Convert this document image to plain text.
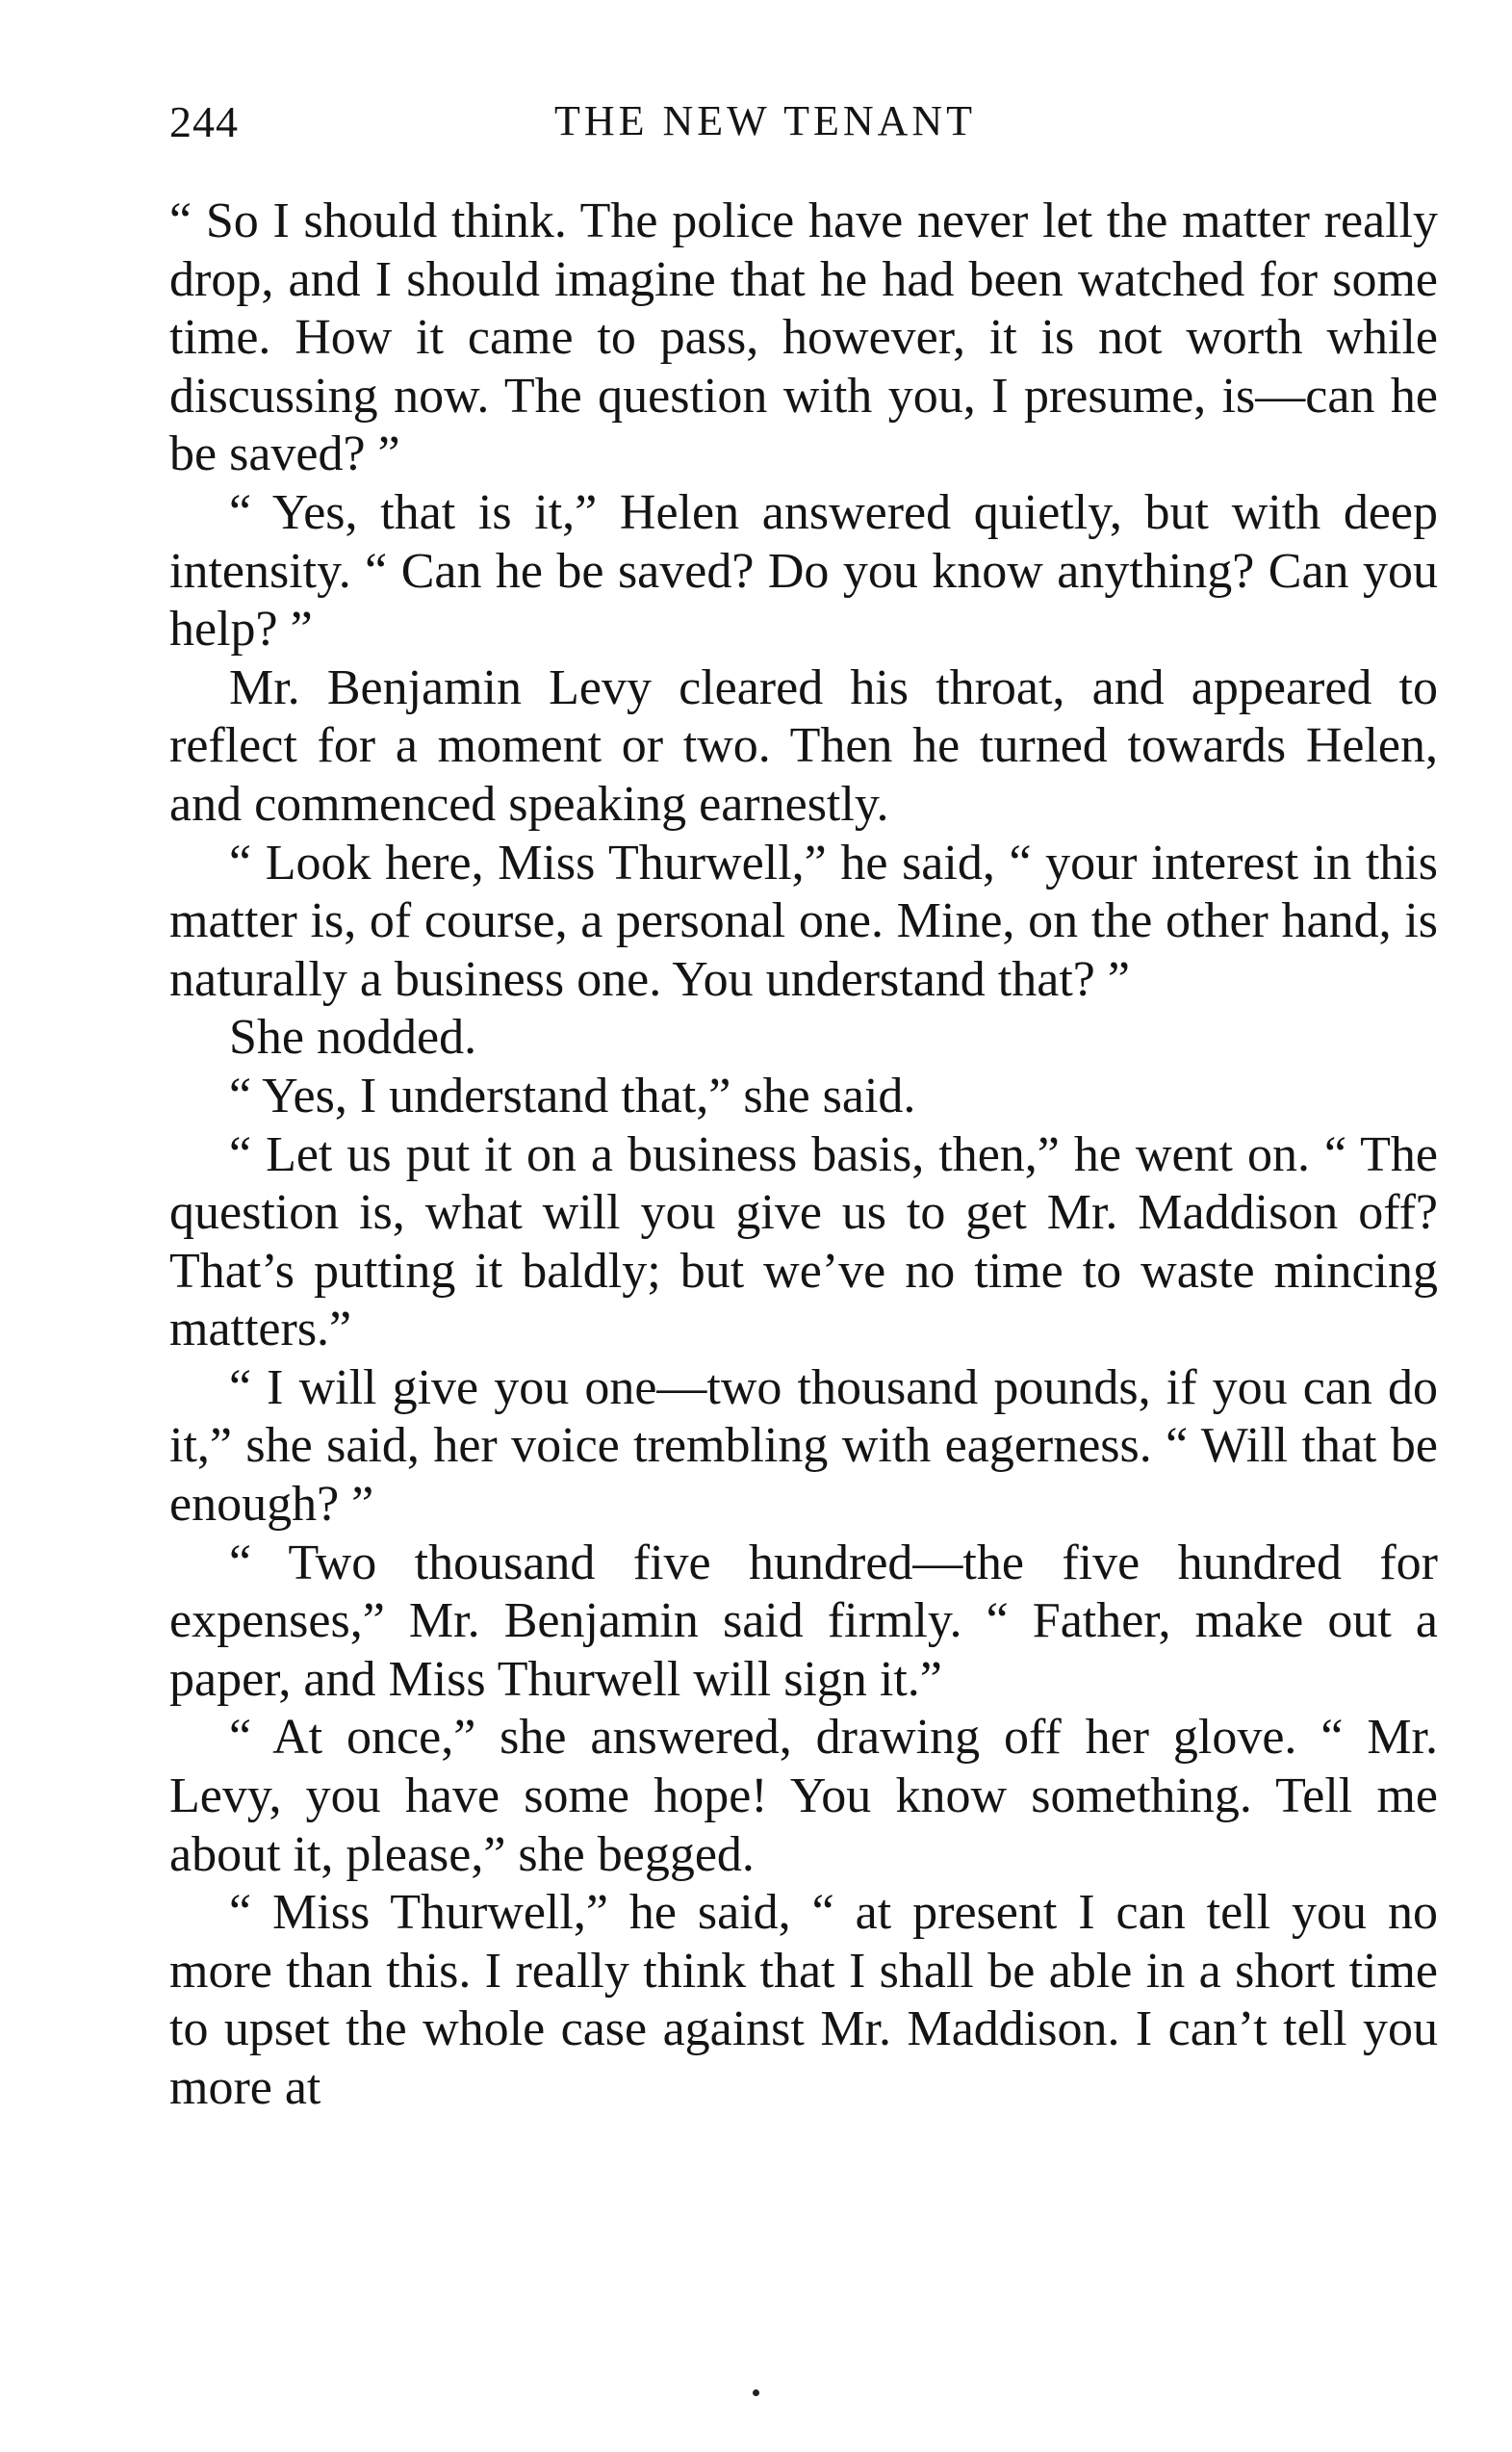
244	THE NEW TENANT

“ So I should think. The police have never let the matter really drop, and I should imagine that he had been watched for some time. How it came to pass, however, it is not worth while discussing now. The question with you, I presume, is—can he be saved? ”

“ Yes, that is it,” Helen answered quietly, but with deep intensity. “ Can he be saved? Do you know anything? Can you help? ”

Mr. Benjamin Levy cleared his throat, and appeared to reflect for a moment or two. Then he turned towards Helen, and commenced speaking earnestly.

“ Look here, Miss Thurwell,” he said, “ your interest in this matter is, of course, a personal one. Mine, on the other hand, is naturally a business one. You understand that? ”

She nodded.

“ Yes, I understand that,” she said.

“ Let us put it on a business basis, then,” he went on. “ The question is, what will you give us to get Mr. Maddison off? That’s putting it baldly; but we’ve no time to waste mincing matters.”

“ I will give you one—two thousand pounds, if you can do it,” she said, her voice trembling with eagerness. “ Will that be enough? ”

“ Two thousand five hundred—the five hundred for expenses,” Mr. Benjamin said firmly. “ Father, make out a paper, and Miss Thurwell will sign it.”

“ At once,” she answered, drawing off her glove. “ Mr. Levy, you have some hope! You know something. Tell me about it, please,” she begged.

“ Miss Thurwell,” he said, “ at present I can tell you no more than this. I really think that I shall be able in a short time to upset the whole case against Mr. Maddison. I can’t tell you more at
